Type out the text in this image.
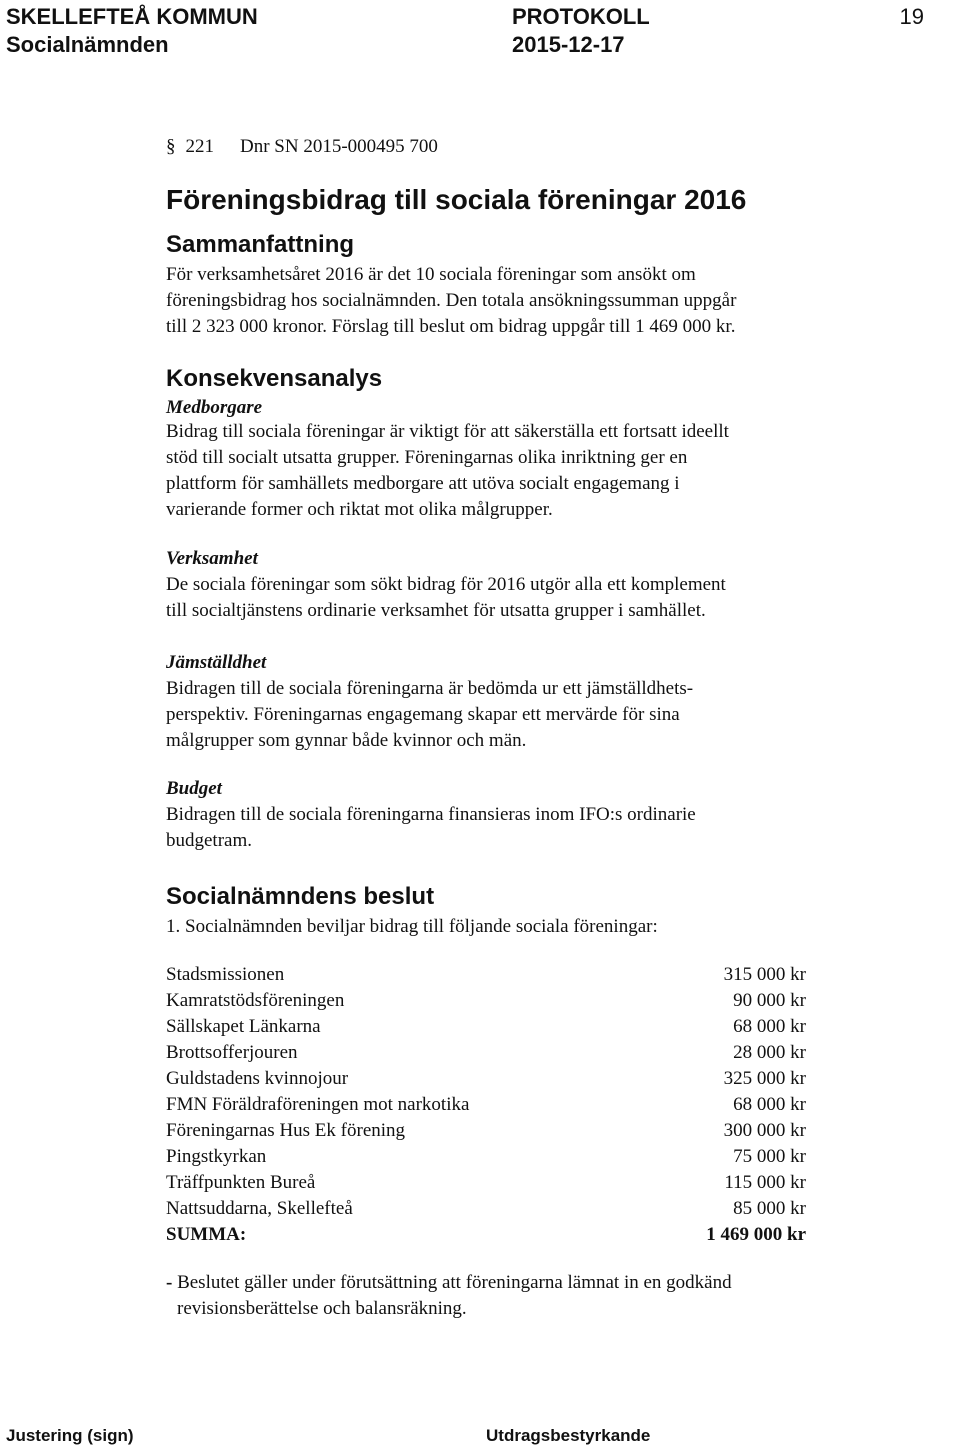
SKELLEFTEÅ KOMMUN
Socialnämnden
PROTOKOLL
2015-12-17
19
§ 221 Dnr SN 2015-000495 700
Föreningsbidrag till sociala föreningar 2016
Sammanfattning

För verksamhetsåret 2016 är det 10 sociala föreningar som ansökt om

föreningsbidrag hos socialnämnden. Den totala ansökningssumman uppgår

till 2 323 000 kronor. Förslag till beslut om bidrag uppgår till 1 469 000 kr.

Konsekvensanalys
Medborgare

Bidrag till sociala föreningar är viktigt för att säkerställa ett fortsatt ideellt

stöd till socialt utsatta grupper. Föreningarnas olika inriktning ger en

plattform för samhällets medborgare att utöva socialt engagemang i

varierande former och riktat mot olika målgrupper.

Verksamhet

De sociala föreningar som sökt bidrag för 2016 utgör alla ett komplement

till socialtjänstens ordinarie verksamhet för utsatta grupper i samhället.

Jämställdhet

Bidragen till de sociala föreningarna är bedömda ur ett jämställdhets-

perspektiv. Föreningarnas engagemang skapar ett mervärde för sina

målgrupper som gynnar både kvinnor och män.

Budget

Bidragen till de sociala föreningarna finansieras inom IFO:s ordinarie

budgetram.

Socialnämndens beslut
1. Socialnämnden beviljar bidrag till följande sociala föreningar:
Stadsmissionen	315 000 kr
Kamratstödsföreningen	90 000 kr
Sällskapet Länkarna	68 000 kr
Brottsofferjouren	28 000 kr
Guldstadens kvinnojour	325 000 kr
FMN Föräldraföreningen mot narkotika	68 000 kr
Föreningarnas Hus Ek förening	300 000 kr
Pingstkyrkan	75 000 kr
Träffpunkten Bureå	115 000 kr
Nattsuddarna, Skellefteå	85 000 kr
SUMMA:	1 469 000 kr
- Beslutet gäller under förutsättning att föreningarna lämnat in en godkänd
revisionsberättelse och balansräkning.
Justering (sign)	Utdragsbestyrkande
